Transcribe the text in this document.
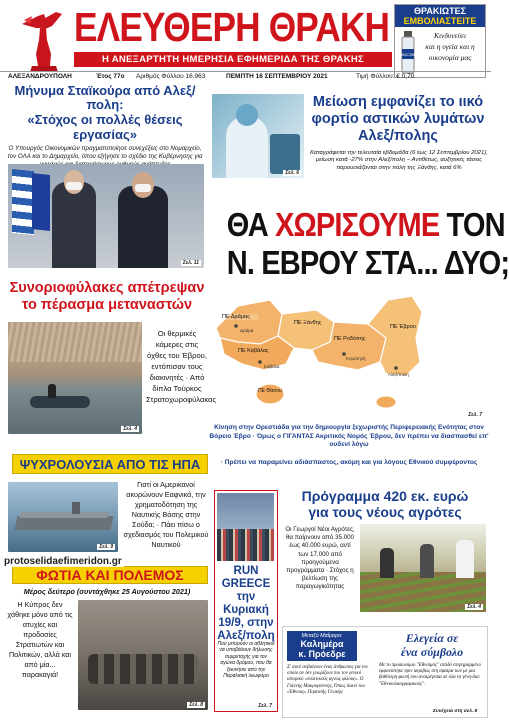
ΕΛΕΥΘΕΡΗ ΘΡΑΚΗ
Η ΑΝΕΞΑΡΤΗΤΗ ΗΜΕΡΗΣΙΑ ΕΦΗΜΕΡΙΔΑ ΤΗΣ ΘΡΑΚΗΣ
ΘΡΑΚΙΩΤΕΣ
ΕΜΒΟΛΙΑΣΤΕΙΤΕ
VACCINE
Κινδυνεύει
και η υγεία και η
οικονομία μας
ΑΛΕΞΑΝΔΡΟΥΠΟΛΗ	Έτος 77ο Αριθμός Φύλλου 16.963	ΠΕΜΠΤΗ 16 ΣΕΠΤΕΜΒΡΙΟΥ 2021	Τιμή Φύλλου: € 0,70
Μήνυμα Σταϊκούρα από Αλεξ/πολη:
«Στόχος οι πολλές θέσεις εργασίας»
Ο Υπουργός Οικονομικών πραγματοποίησε συνεχέξεις στο Νομαρχείο, τον ΟΛΑ και το Δημαρχείο, όπου εξήγησε το σχέδιο της Κυβέρνησης για
Σελ. 11
Σελ. 6
Μείωση εμφανίζει το ιικό φορτίο αστικών λυμάτων Αλεξ/πολης
Καταγράφεται την τελευταία εβδομάδα (6 έως 12 Σεπτεμβρίου 2021), μείωση κατά -27% στην Αλεξ/πολη – Αντιθέτως, αυξητικές τάσεις παρουσιάζονται στην πόλη της Ξάνθης, κατά 6%
ΘΑ ΧΩΡΙΣΟΥΜΕ ΤΟΝ
Ν. ΕΒΡΟΥ ΣΤΑ... ΔΥΟ;
ΠΕ Δράμας
ΠΕ Ξάνθης
ΠΕ Καβάλας
ΠΕ Ροδόπης
ΠΕ Έβρου
ΠΕ Θάσου
Δράμα
Καβάλα
Κομοτηνή
Αλεξ/πολη
Σελ. 7
Κίνηση στην Ορεστιάδα για την δημιουργία ξεχωριστής Περιφερειακής Ενότητας στον Βόρειο Έβρο · Όμως ο ΓΙΓΑΝΤΑΣ Ακριτικός Νομός Έβρου, δεν πρέπει να διασπασθεί επ' ουδενί λόγω
· Πρέπει να παραμείνει αδιάσπαστος, ακόμη και για λόγους Εθνικού συμφέροντος
Συνοριοφύλακες απέτρεψαν
το πέρασμα μεταναστών
Σελ. 4
Οι θερμικές κάμερες στις όχθες του Έβρου, εντόπισαν τους διακινητές · Από δίπλα Τούρκος Στρατοχωροφύλακας
ΨΥΧΡΟΛΟΥΣΙΑ ΑΠΟ ΤΙΣ ΗΠΑ
Σελ. 9
Γιατί οι Αμερικανοί ακυρώνουν Εαφνικά, την χρηματοδότηση της Ναυτικής Βάσης στην Σούδα; · Πάει πίσω ο σχεδιασμός του Πολεμικού Ναυτικού
RUN GREECE την Κυριακή 19/9, στην Αλεξ/πολη
Πού μπορούν οι αθλητικοί να υποβάλουν δήλωσης συμμετοχής για τον αγώνα δρόμου, που θα ξεκινήσει από την Παραλιακή λεωφόρο
Σελ. 7
Πρόγραμμα 420 εκ. ευρώ
για τους νέους αγρότες
Οι Γεωργοί Νέοι Αγρότες, θα παίρνουν από 35.000 έως 40.000 ευρώ, αντί των 17.000 από προηγούμενα προγράμματα · Στόχος η βελτίωση της παραγωγικότητας
Σελ. 4
protoselidaefimeridon.gr
ΦΩΤΙΑ ΚΑΙ ΠΟΛΕΜΟΣ
Μέρος δεύτερο (συντάχθηκε 25 Αυγούστου 2021)
Η Κύπρος δεν χάθηκε μόνο από τις ατυχίες και προδοσίες Στρατιωτών και Πολιτικών, αλλά και από μία... παρακαγιά!
Σελ. 8
Μεταξύ Μαΐμαρο:
Καλημέρα
κ. Πρόεδρε
Σ' αυτό ανβαίνουν ένας άνθρωπος για τον οποίο αν δεν γνωρίζουν πιο τον γενικό ιστορικό «πολιτικούς αγνώς φίλους». Ο Γιάννης Μακρυγιάννης, Όπως δοκεί του «Έθνους» Πορευτής Γενικής
Ελεγεία σε
ένα σύμβολο
Με το προσωνύμιο "Εθνισμός" ατάδό επιγεγραμμένο εμφανίστηκε πριν ακριβώς στη σφαίρα των με μια βαθύτερη φωνή που αναιρέγεσαι σε όλα τα γένη-δια: "Εθνικολαογραφικούς".
Συνέχεια στη σελ. 8
